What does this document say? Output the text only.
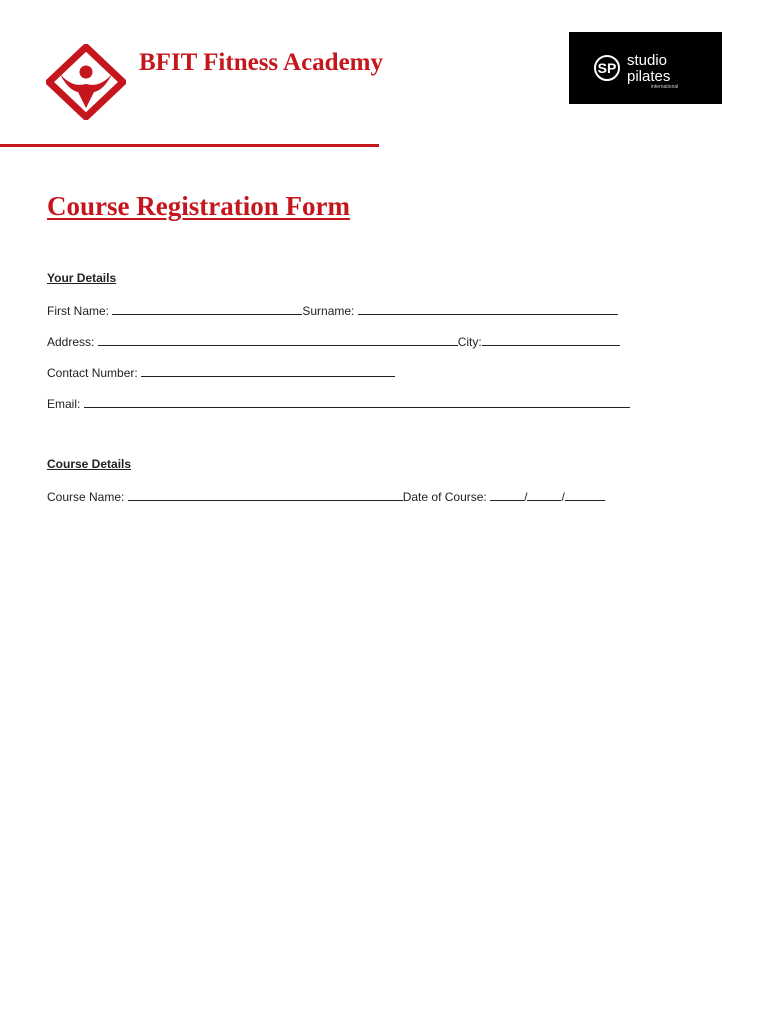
BFIT Fitness Academy	SP studio
pilates
international
Course Registration Form
Your Details
First Name:	Surname:
Address:	City:
Contact Number:
Email:
Course Details
Course Name:	Date of Course:	/	/
